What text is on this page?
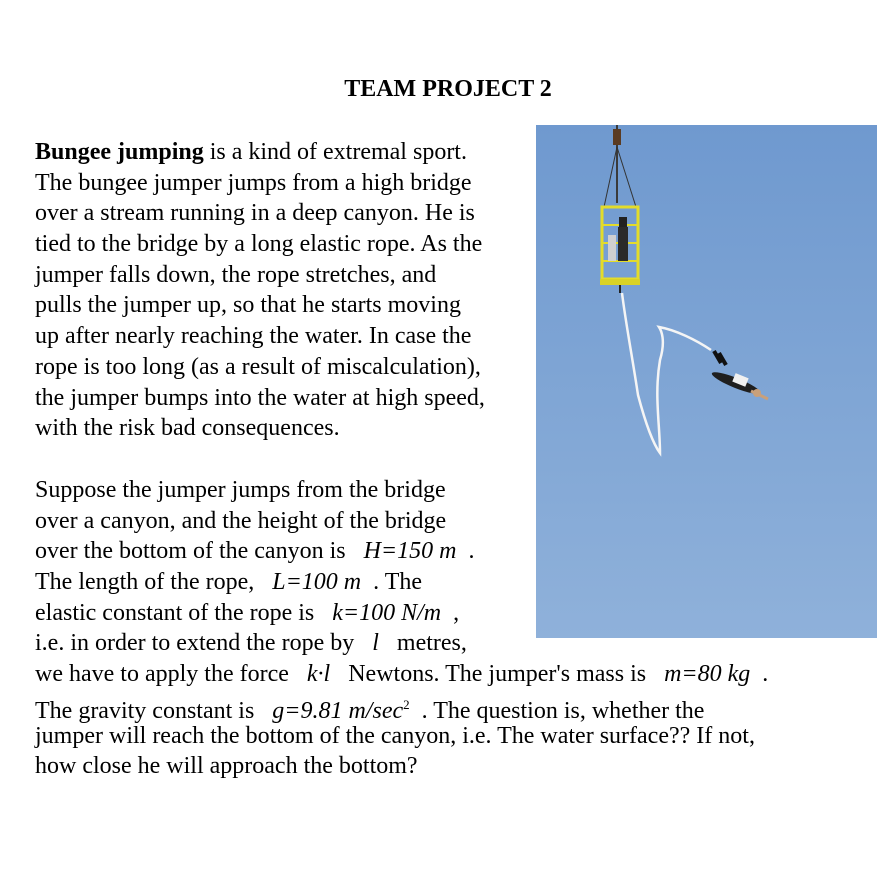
TEAM PROJECT 2
Bungee jumping is a kind of extremal sport.
The bungee jumper jumps from a high bridge
over a stream running in a deep canyon. He is
tied to the bridge by a long elastic rope. As the
jumper falls down, the rope stretches, and
pulls the jumper up, so that he starts moving
up after nearly reaching the water. In case the
rope is too long (as a result of miscalculation),
the jumper bumps into the water at high speed,
with the risk bad consequences.
Suppose the jumper jumps from the bridge
over a canyon, and the height of the bridge
over the bottom of the canyon is H=150 m .
The length of the rope, L=100 m . The
elastic constant of the rope is k=100 N/m ,
i.e. in order to extend the rope by l metres,
we have to apply the force k·l Newtons. The jumper's mass is m=80 kg .
The gravity constant is g=9.81 $m/\sec^2$ . The question is, whether the
jumper will reach the bottom of the canyon, i.e. The water surface?? If not,
how close he will approach the bottom?
